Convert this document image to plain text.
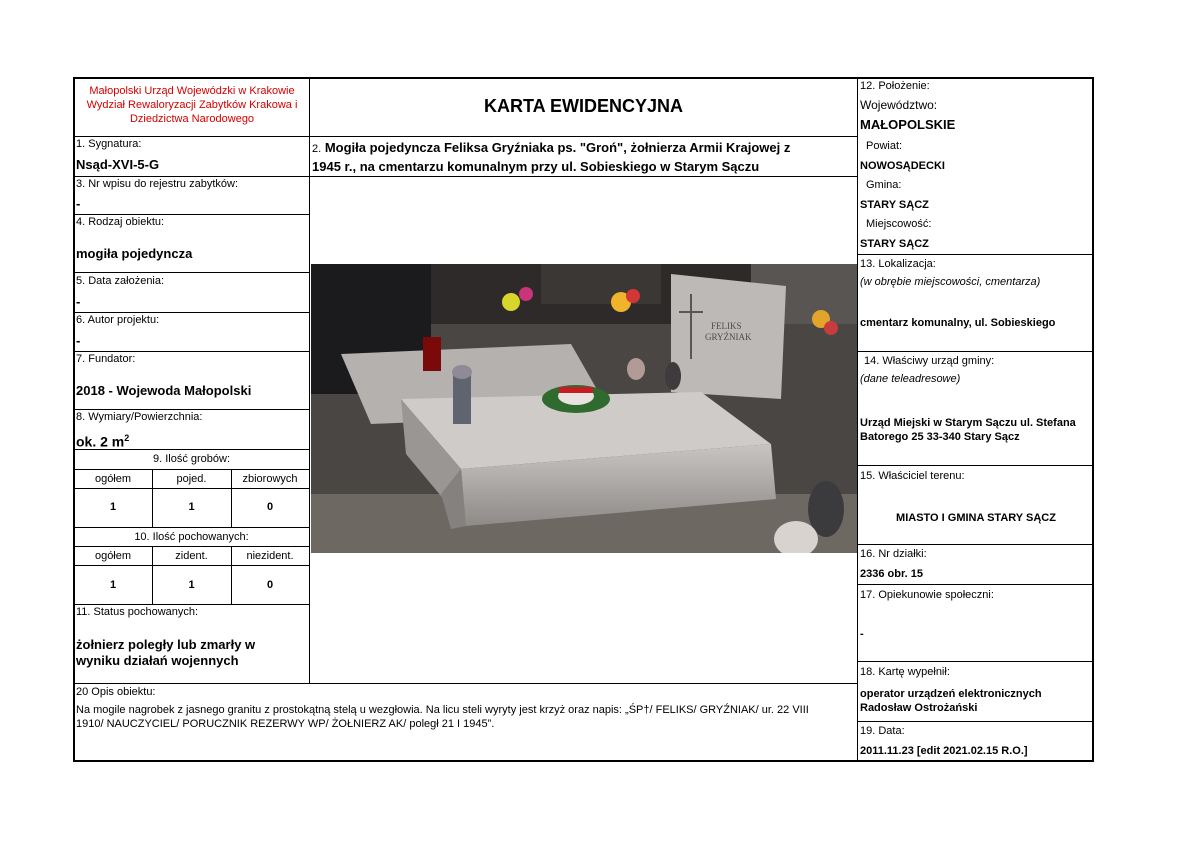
Małopolski Urząd Wojewódzki w Krakowie
Wydział Rewaloryzacji Zabytków Krakowa i
Dziedzictwa Narodowego
KARTA EWIDENCYJNA
1. Sygnatura:
Nsąd-XVI-5-G
3. Nr wpisu do rejestru zabytków:
-
4. Rodzaj obiektu:
mogiła pojedyncza
5. Data założenia:
-
6. Autor projektu:
-
7. Fundator:
2018 - Wojewoda Małopolski
8. Wymiary/Powierzchnia:
ok. 2 $m^2$
9. Ilość grobów:
ogółem	pojed.	zbiorowych
1	1	0
10. Ilość pochowanych:
ogółem	zident.	niezident.
1	1	0
11. Status pochowanych:
żołnierz poległy lub zmarły w
wyniku działań wojennych
2. Mogiła pojedyncza Feliksa Gryźniaka ps. "Groń", żołnierza Armii Krajowej z
1945 r., na cmentarzu komunalnym przy ul. Sobieskiego w Starym Sączu
FELIKS
GRYŹNIAK
20 Opis obiektu:
Na mogile nagrobek z jasnego granitu z prostokątną stelą u wezgłowia. Na licu steli wyryty jest krzyż oraz napis: „ŚP†/ FELIKS/ GRYŹNIAK/ ur. 22 VIII
1910/ NAUCZYCIEL/ PORUCZNIK REZERWY WP/ ŻOŁNIERZ AK/ poległ 21 I 1945”.
12. Położenie:
Województwo:
MAŁOPOLSKIE
Powiat:
NOWOSĄDECKI
Gmina:
STARY SĄCZ
Miejscowość:
STARY SĄCZ
13. Lokalizacja:
(w obrębie miejscowości, cmentarza)
cmentarz komunalny, ul. Sobieskiego
14. Właściwy urząd gminy:
(dane teleadresowe)
Urząd Miejski w Starym Sączu ul. Stefana
Batorego 25 33-340 Stary Sącz
15. Właściciel terenu:
MIASTO I GMINA STARY SĄCZ
16. Nr działki:
2336 obr. 15
17. Opiekunowie społeczni:
-
18. Kartę wypełnił:
operator urządzeń elektronicznych
Radosław Ostrożański
19. Data:
2011.11.23 [edit 2021.02.15 R.O.]
